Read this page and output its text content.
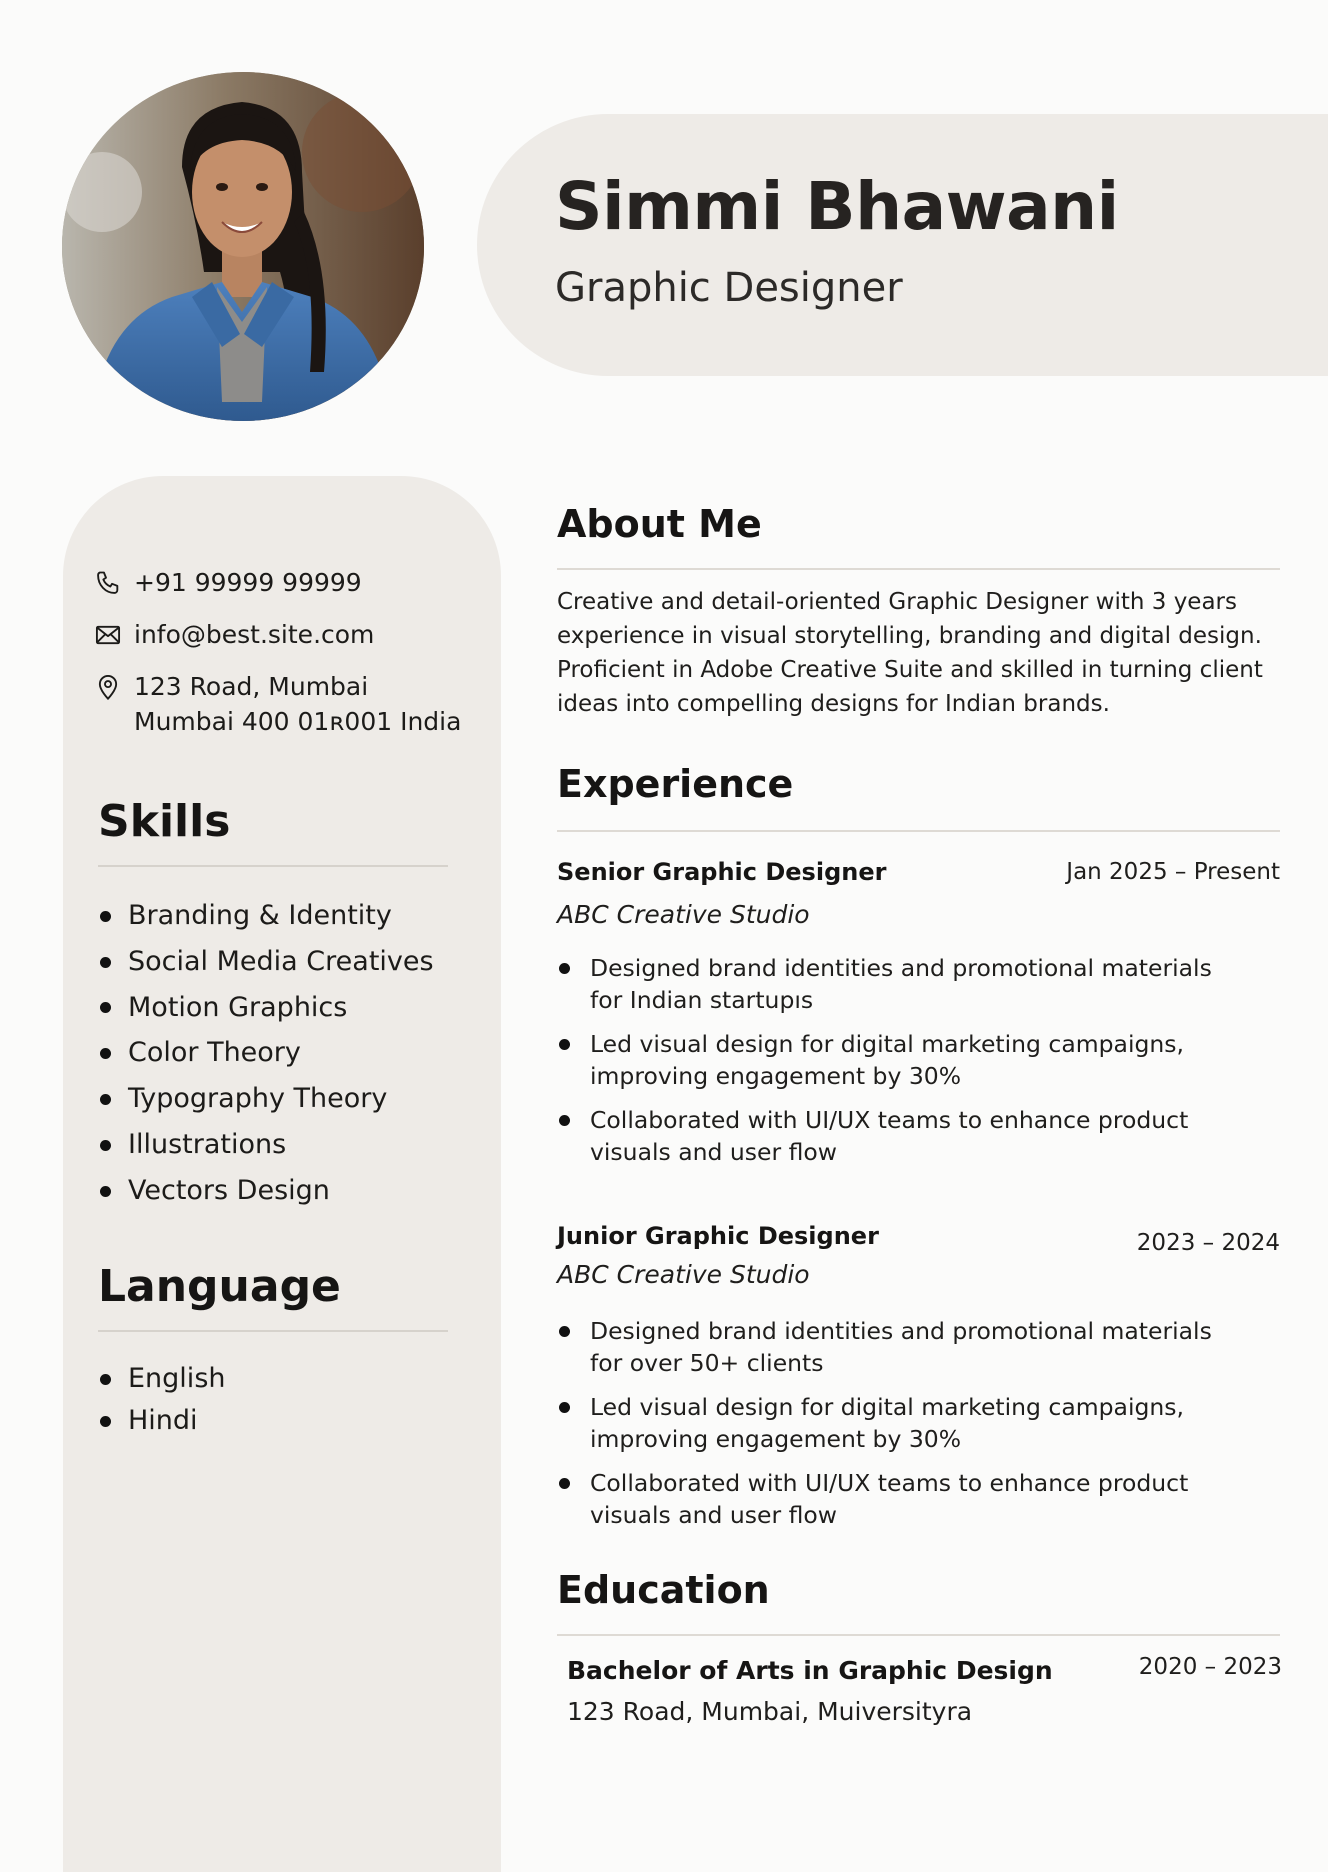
Simmi Bhawani
Graphic Designer
+91 99999 99999
info@best.site.com
123 Road, Mumbai
Mumbai 400 01ʀ001 India
Skills
Branding & Identity
Social Media Creatives
Motion Graphics
Color Theory
Typography Theory
Illustrations
Vectors Design
Language
English
Hindi
About Me
Creative and detail-oriented Graphic Designer with 3 years
experience in visual storytelling, branding and digital design.
Proficient in Adobe Creative Suite and skilled in turning client
ideas into compelling designs for Indian brands.
Experience
Senior Graphic Designer	Jan 2025 – Present
ABC Creative Studio
Designed brand identities and promotional materials
for Indian startupıs
Led visual design for digital marketing campaigns,
improving engagement by 30%
Collaborated with UI/UX teams to enhance product
visuals and user flow
Junior Graphic Designer	2023 – 2024
ABC Creative Studio
Designed brand identities and promotional materials
for over 50+ clients
Led visual design for digital marketing campaigns,
improving engagement by 30%
Collaborated with UI/UX teams to enhance product
visuals and user flow
Education
Bachelor of Arts in Graphic Design	2020 – 2023
123 Road, Mumbai, Muiversityra
